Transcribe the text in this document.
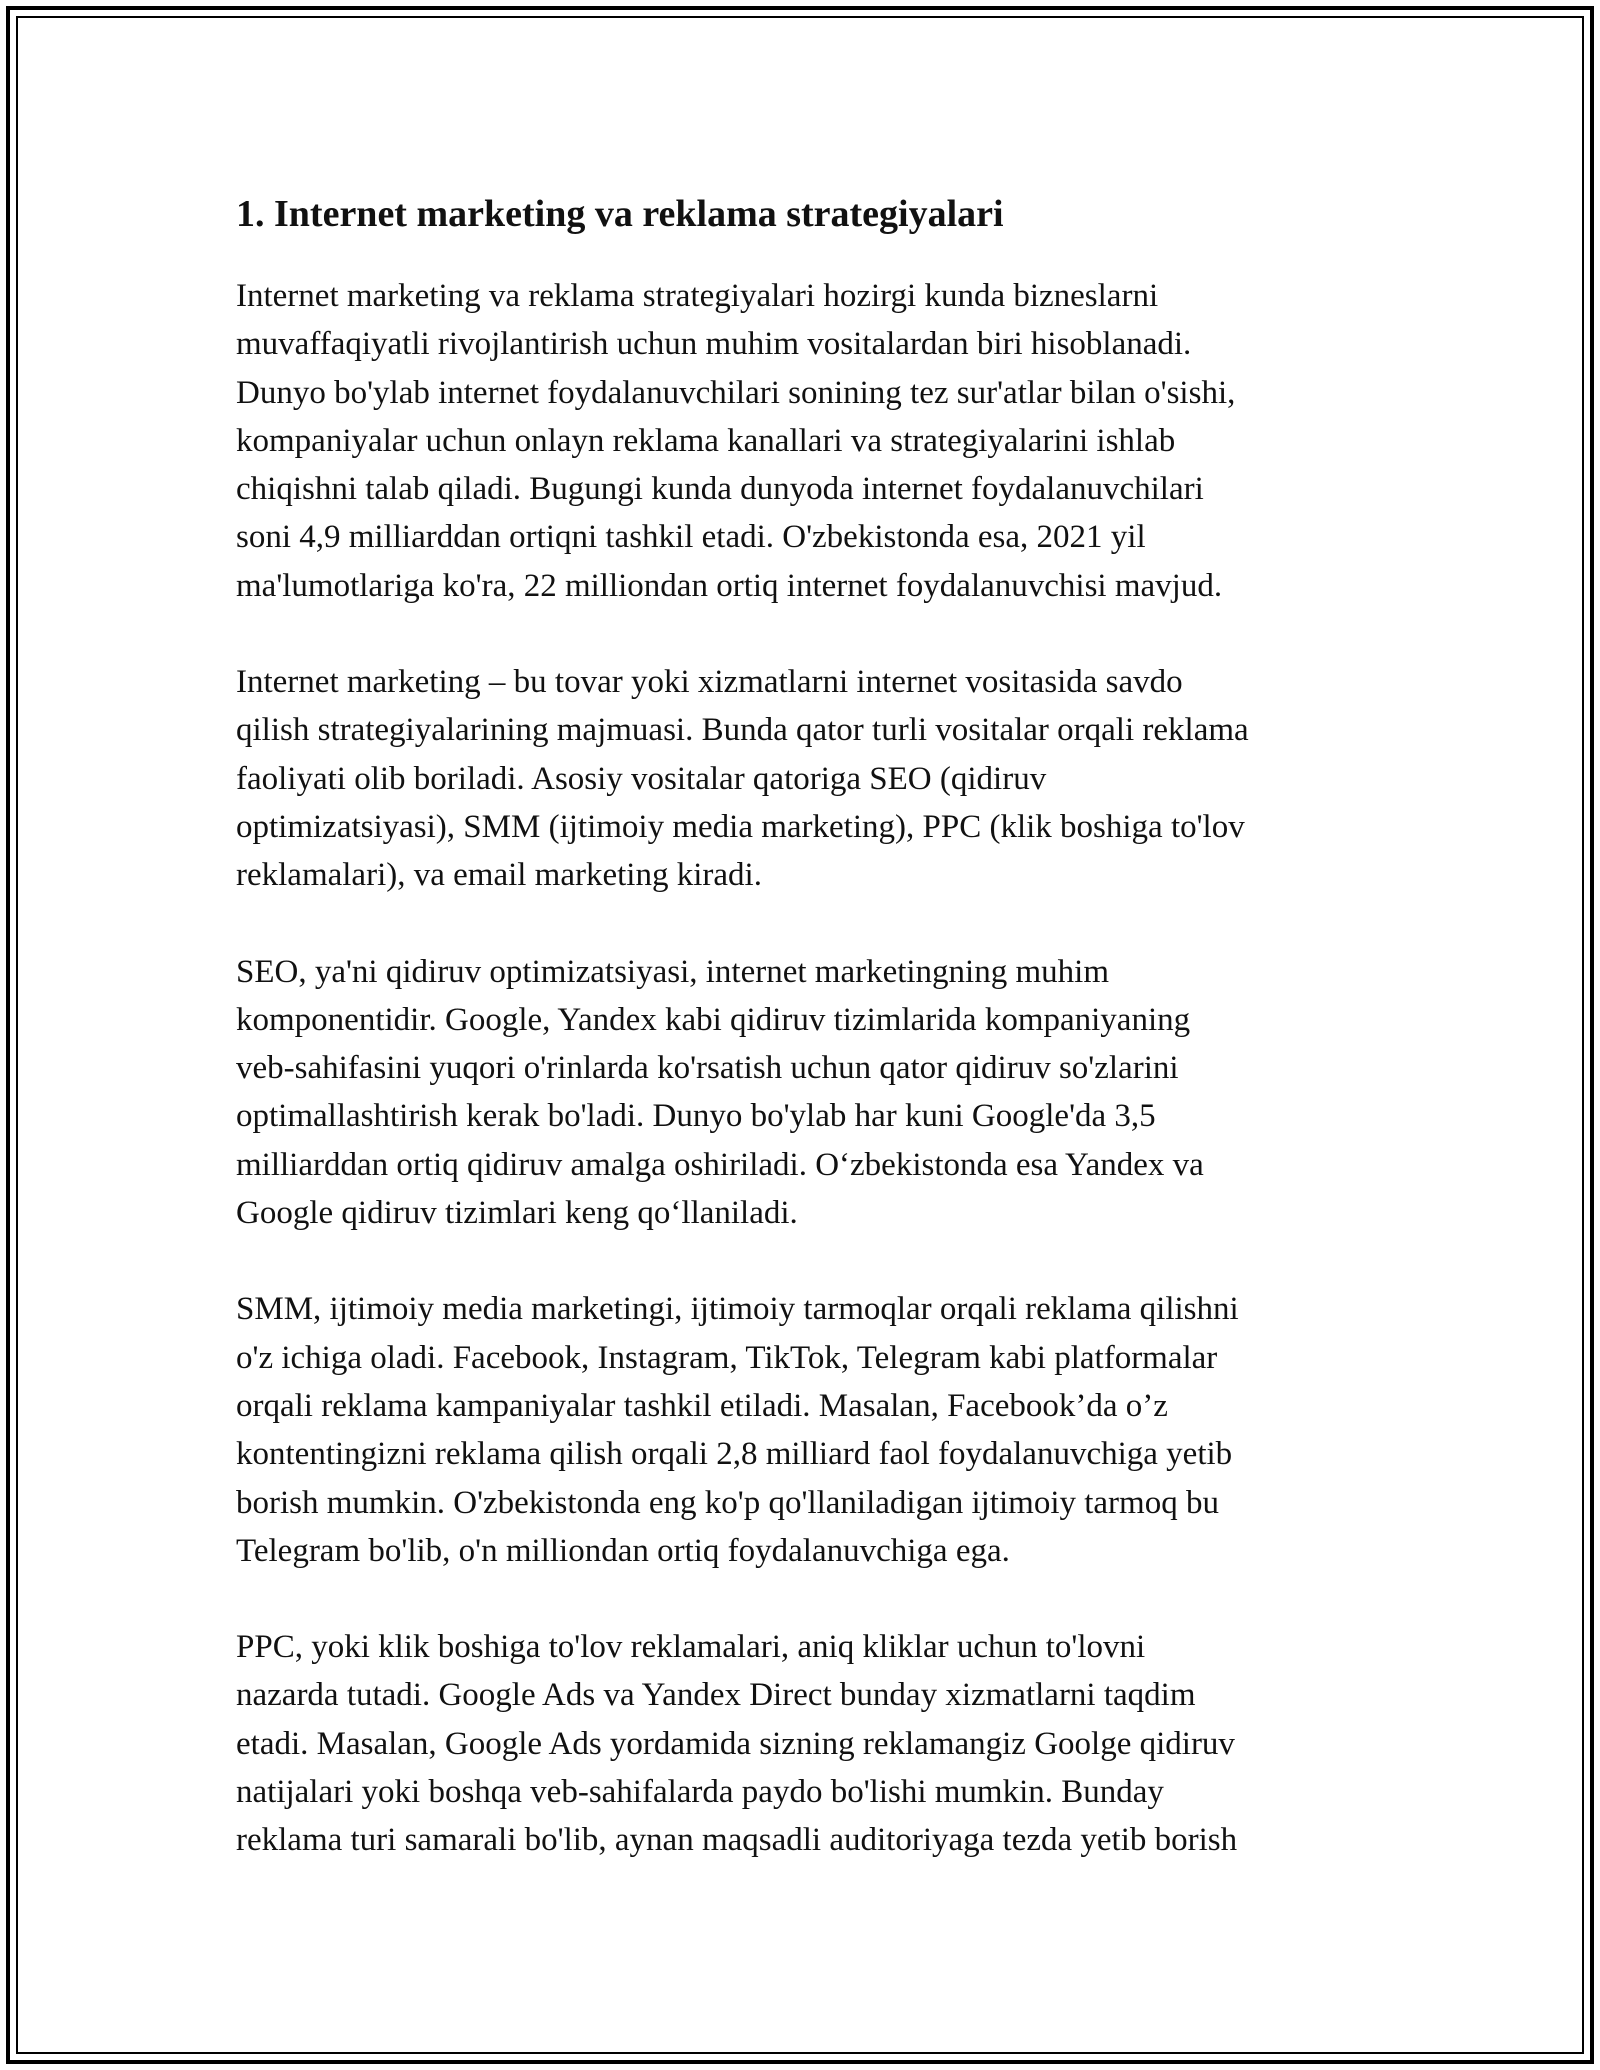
1. Internet marketing va reklama strategiyalari

Internet marketing va reklama strategiyalari hozirgi kunda bizneslarni
muvaffaqiyatli rivojlantirish uchun muhim vositalardan biri hisoblanadi.
Dunyo bo'ylab internet foydalanuvchilari sonining tez sur'atlar bilan o'sishi,
kompaniyalar uchun onlayn reklama kanallari va strategiyalarini ishlab
chiqishni talab qiladi. Bugungi kunda dunyoda internet foydalanuvchilari
soni 4,9 milliarddan ortiqni tashkil etadi. O'zbekistonda esa, 2021 yil
ma'lumotlariga ko'ra, 22 milliondan ortiq internet foydalanuvchisi mavjud.

Internet marketing – bu tovar yoki xizmatlarni internet vositasida savdo
qilish strategiyalarining majmuasi. Bunda qator turli vositalar orqali reklama
faoliyati olib boriladi. Asosiy vositalar qatoriga SEO (qidiruv
optimizatsiyasi), SMM (ijtimoiy media marketing), PPC (klik boshiga to'lov
reklamalari), va email marketing kiradi.

SEO, ya'ni qidiruv optimizatsiyasi, internet marketingning muhim
komponentidir. Google, Yandex kabi qidiruv tizimlarida kompaniyaning
veb-sahifasini yuqori o'rinlarda ko'rsatish uchun qator qidiruv so'zlarini
optimallashtirish kerak bo'ladi. Dunyo bo'ylab har kuni Google'da 3,5
milliarddan ortiq qidiruv amalga oshiriladi. O‘zbekistonda esa Yandex va
Google qidiruv tizimlari keng qo‘llaniladi.

SMM, ijtimoiy media marketingi, ijtimoiy tarmoqlar orqali reklama qilishni
o'z ichiga oladi. Facebook, Instagram, TikTok, Telegram kabi platformalar
orqali reklama kampaniyalar tashkil etiladi. Masalan, Facebook’da o’z
kontentingizni reklama qilish orqali 2,8 milliard faol foydalanuvchiga yetib
borish mumkin. O'zbekistonda eng ko'p qo'llaniladigan ijtimoiy tarmoq bu
Telegram bo'lib, o'n milliondan ortiq foydalanuvchiga ega.

PPC, yoki klik boshiga to'lov reklamalari, aniq kliklar uchun to'lovni
nazarda tutadi. Google Ads va Yandex Direct bunday xizmatlarni taqdim
etadi. Masalan, Google Ads yordamida sizning reklamangiz Goolge qidiruv
natijalari yoki boshqa veb-sahifalarda paydo bo'lishi mumkin. Bunday
reklama turi samarali bo'lib, aynan maqsadli auditoriyaga tezda yetib borish
